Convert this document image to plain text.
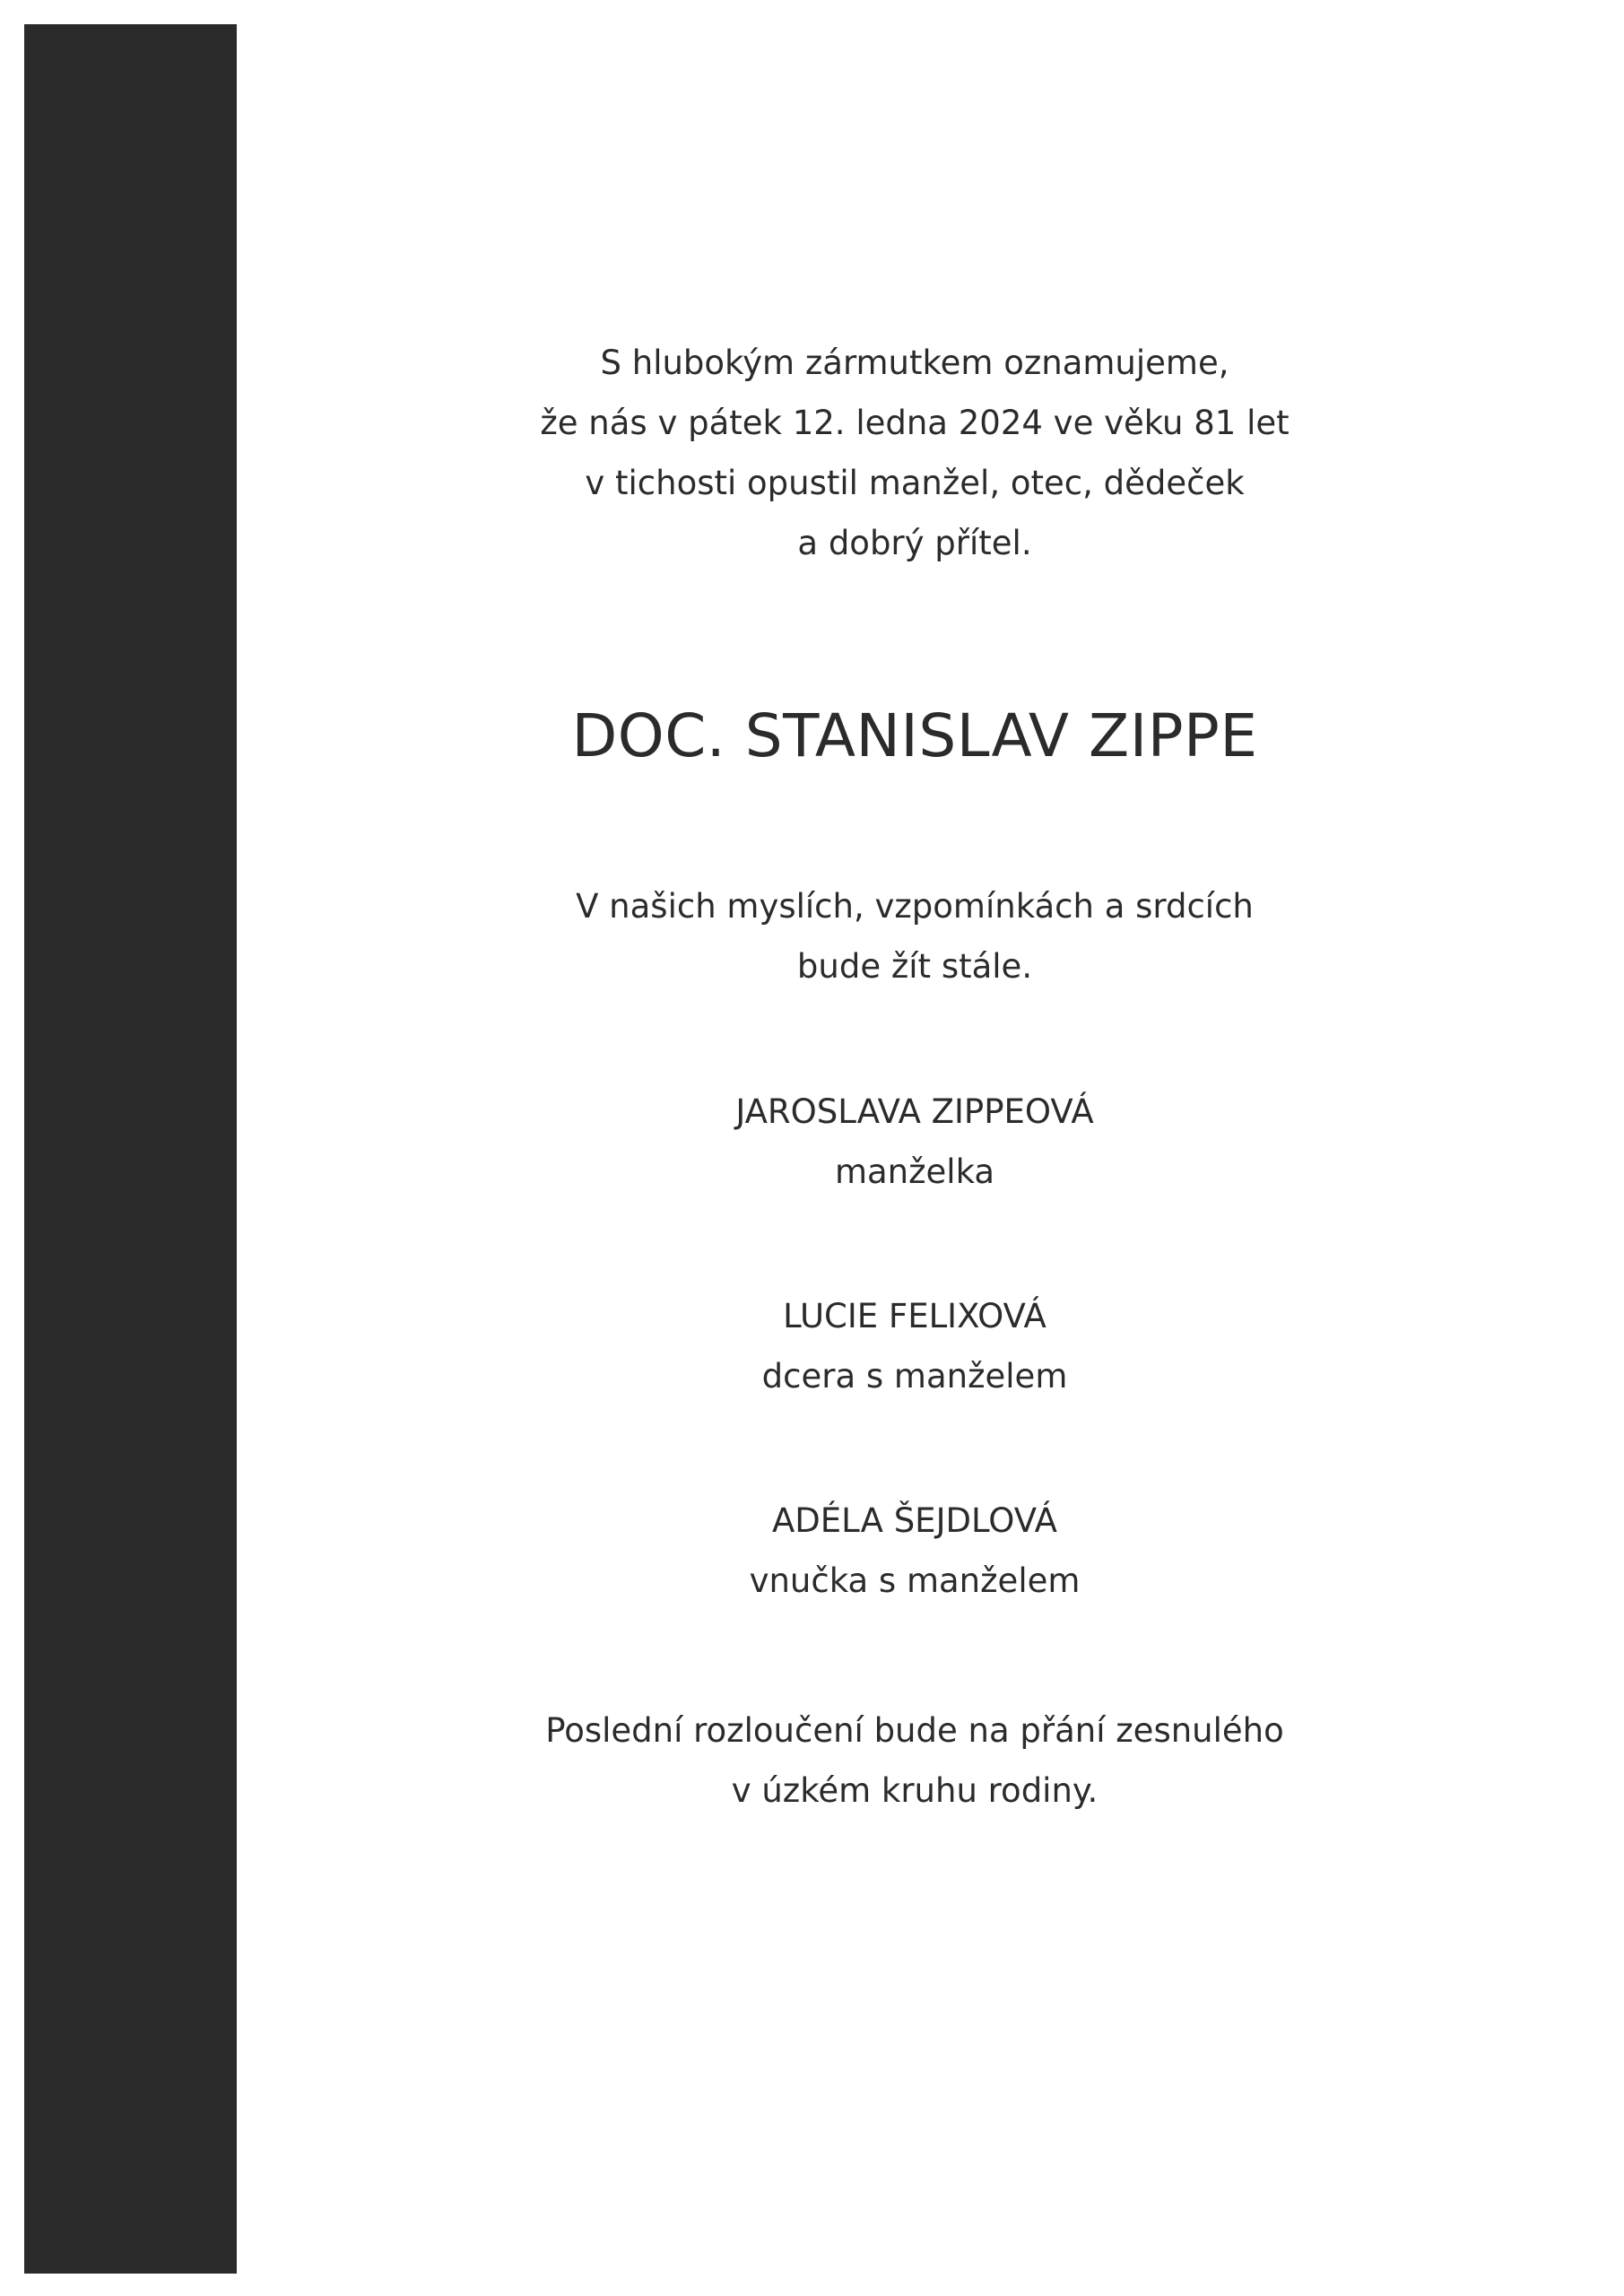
S hlubokým zármutkem oznamujeme,
že nás v pátek 12. ledna 2024 ve věku 81 let
v tichosti opustil manžel, otec, dědeček
a dobrý přítel.
DOC. STANISLAV ZIPPE
V našich myslích, vzpomínkách a srdcích
bude žít stále.
JAROSLAVA ZIPPEOVÁ
manželka
LUCIE FELIXOVÁ
dcera s manželem
ADÉLA ŠEJDLOVÁ
vnučka s manželem
Poslední rozloučení bude na přání zesnulého
v úzkém kruhu rodiny.
